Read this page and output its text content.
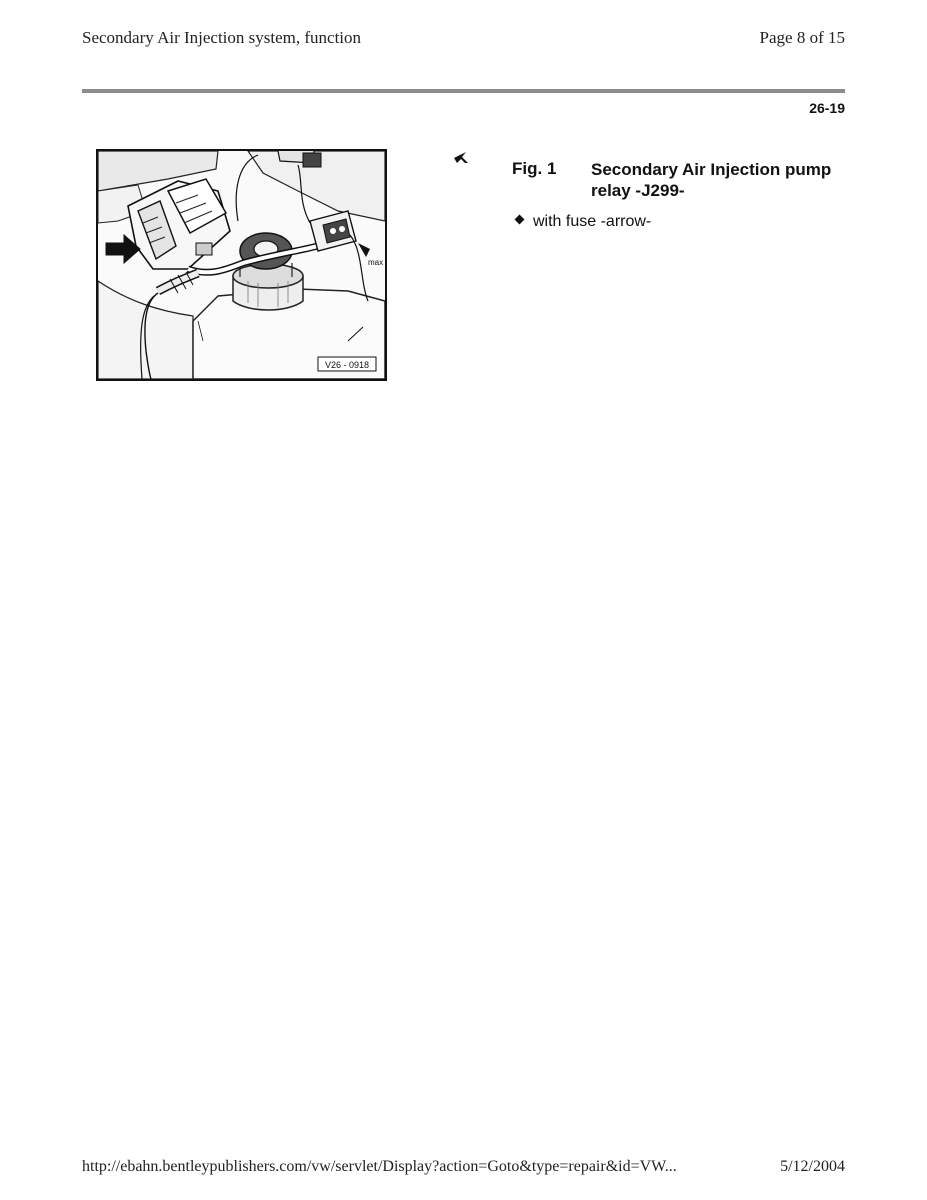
Secondary Air Injection system, function	Page 8 of 15
26-19
max
V26 - 0918
Fig. 1 Secondary Air Injection pump relay -J299-
with fuse -arrow-
http://ebahn.bentleypublishers.com/vw/servlet/Display?action=Goto&type=repair&id=VW...	5/12/2004
